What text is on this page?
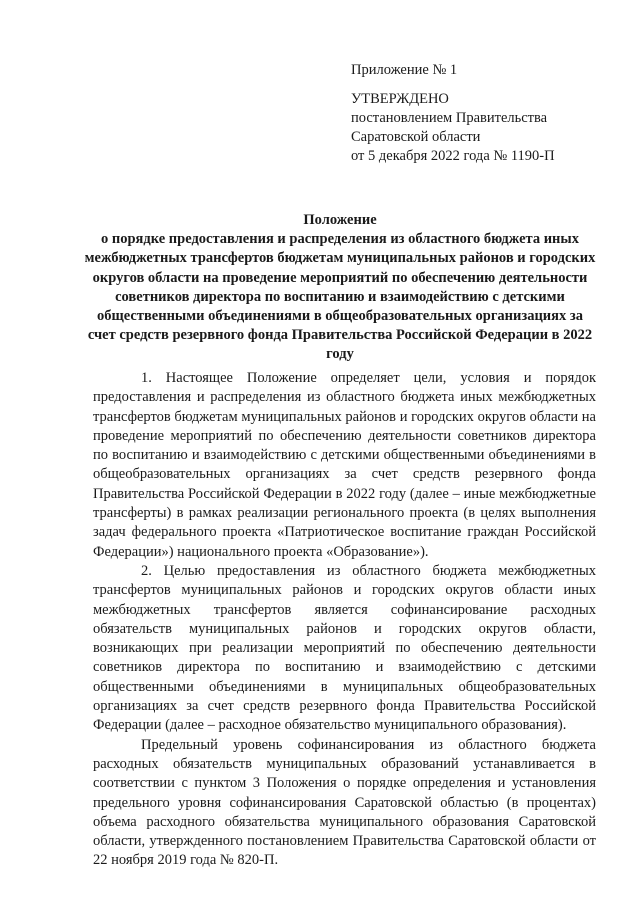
Приложение № 1
УТВЕРЖДЕНО
постановлением Правительства
Саратовской области
от 5 декабря 2022 года № 1190-П
Положение
о порядке предоставления и распределения из областного бюджета иных межбюджетных трансфертов бюджетам муниципальных районов и городских округов области на проведение мероприятий по обеспечению деятельности советников директора по воспитанию и взаимодействию с детскими общественными объединениями в общеобразовательных организациях за счет средств резервного фонда Правительства Российской Федерации в 2022 году

1. Настоящее Положение определяет цели, условия и порядок предоставления и распределения из областного бюджета иных межбюджетных трансфертов бюджетам муниципальных районов и городских округов области на проведение мероприятий по обеспечению деятельности советников директора по воспитанию и взаимодействию с детскими общественными объединениями в общеобразовательных организациях за счет средств резервного фонда Правительства Российской Федерации в 2022 году (далее – иные межбюджетные трансферты) в рамках реализации регионального проекта (в целях выполнения задач федерального проекта «Патриотическое воспитание граждан Российской Федерации») национального проекта «Образование»).

2. Целью предоставления из областного бюджета межбюджетных трансфертов муниципальных районов и городских округов области иных межбюджетных трансфертов является софинансирование расходных обязательств муниципальных районов и городских округов области, возникающих при реализации мероприятий по обеспечению деятельности советников директора по воспитанию и взаимодействию с детскими общественными объединениями в муниципальных общеобразовательных организациях за счет средств резервного фонда Правительства Российской Федерации (далее – расходное обязательство муниципального образования).

Предельный уровень софинансирования из областного бюджета расходных обязательств муниципальных образований устанавливается в соответствии с пунктом 3 Положения о порядке определения и установления предельного уровня софинансирования Саратовской областью (в процентах) объема расходного обязательства муниципального образования Саратовской области, утвержденного постановлением Правительства Саратовской области от 22 ноября 2019 года № 820-П.
